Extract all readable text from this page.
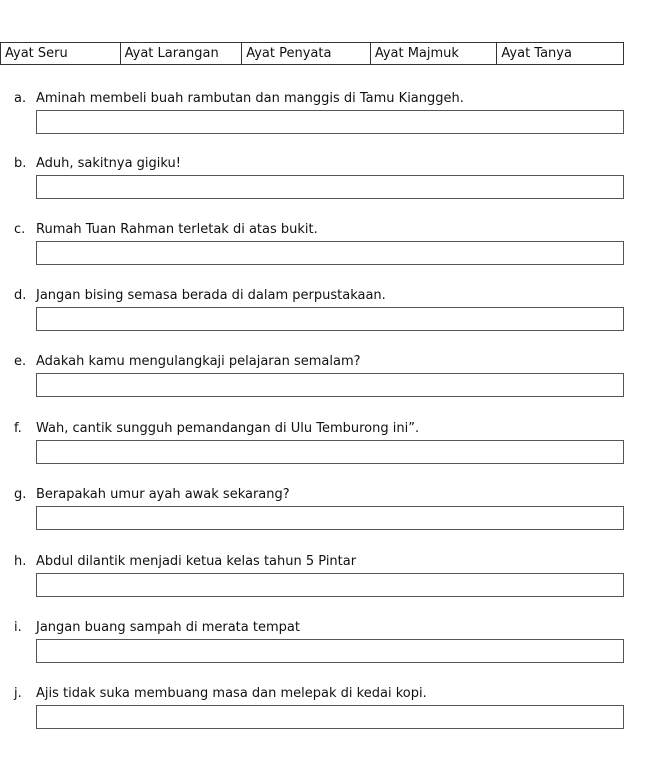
Ayat Seru	Ayat Larangan	Ayat Penyata	Ayat Majmuk	Ayat Tanya
a. Aminah membeli buah rambutan dan manggis di Tamu Kianggeh.
b. Aduh, sakitnya gigiku!
c. Rumah Tuan Rahman terletak di atas bukit.
d. Jangan bising semasa berada di dalam perpustakaan.
e. Adakah kamu mengulangkaji pelajaran semalam?
f. Wah, cantik sungguh pemandangan di Ulu Temburong ini”.
g. Berapakah umur ayah awak sekarang?
h. Abdul dilantik menjadi ketua kelas tahun 5 Pintar
i. Jangan buang sampah di merata tempat
j. Ajis tidak suka membuang masa dan melepak di kedai kopi.
